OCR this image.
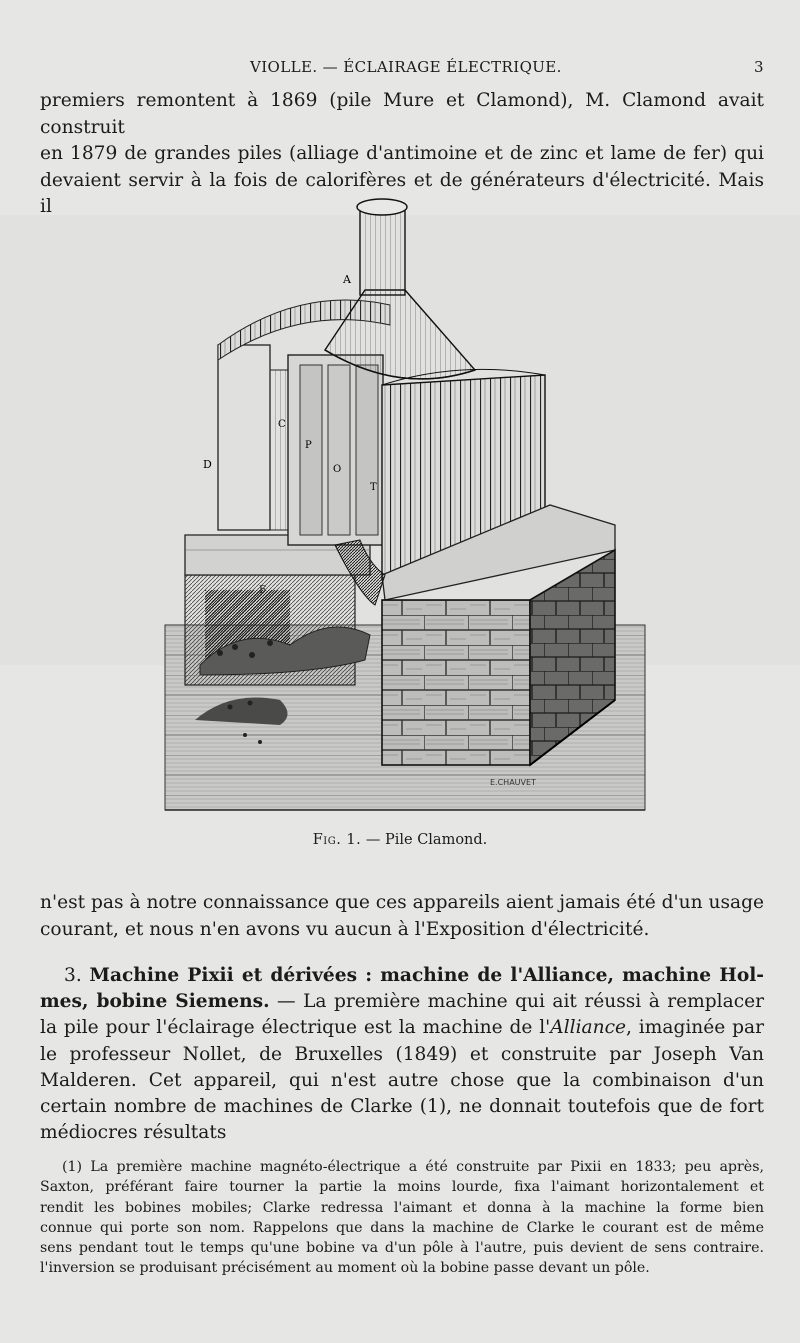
VIOLLE. — ÉCLAIRAGE ÉLECTRIQUE.	3
premiers remontent à 1869 (pile Mure et Clamond), M. Clamond avait construit
en 1879 de grandes piles (alliage d'antimoine et de zinc et lame de fer) qui
devaient servir à la fois de calorifères et de générateurs d'électricité. Mais il
A
C
P
O
T
D
F
E.CHAUVET
Fig. 1. — Pile Clamond.
n'est pas à notre connaissance que ces appareils aient jamais été d'un usage
courant, et nous n'en avons vu aucun à l'Exposition d'électricité.
3. Machine Pixii et dérivées : machine de l'Alliance, machine Hol-mes, bobine Siemens. — La première machine qui ait réussi à remplacer la pile pour l'éclairage électrique est la machine de l'Alliance, imaginée par le professeur Nollet, de Bruxelles (1849) et construite par Joseph Van Malderen. Cet appareil, qui n'est autre chose que la combinaison d'un certain nombre de machines de Clarke (1), ne donnait toutefois que de fort médiocres résultats
(1) La première machine magnéto-électrique a été construite par Pixii en 1833; peu après,
Saxton, préférant faire tourner la partie la moins lourde, fixa l'aimant horizontalement et
rendit les bobines mobiles; Clarke redressa l'aimant et donna à la machine la forme bien
connue qui porte son nom. Rappelons que dans la machine de Clarke le courant est de même
sens pendant tout le temps qu'une bobine va d'un pôle à l'autre, puis devient de sens contraire.
l'inversion se produisant précisément au moment où la bobine passe devant un pôle.
